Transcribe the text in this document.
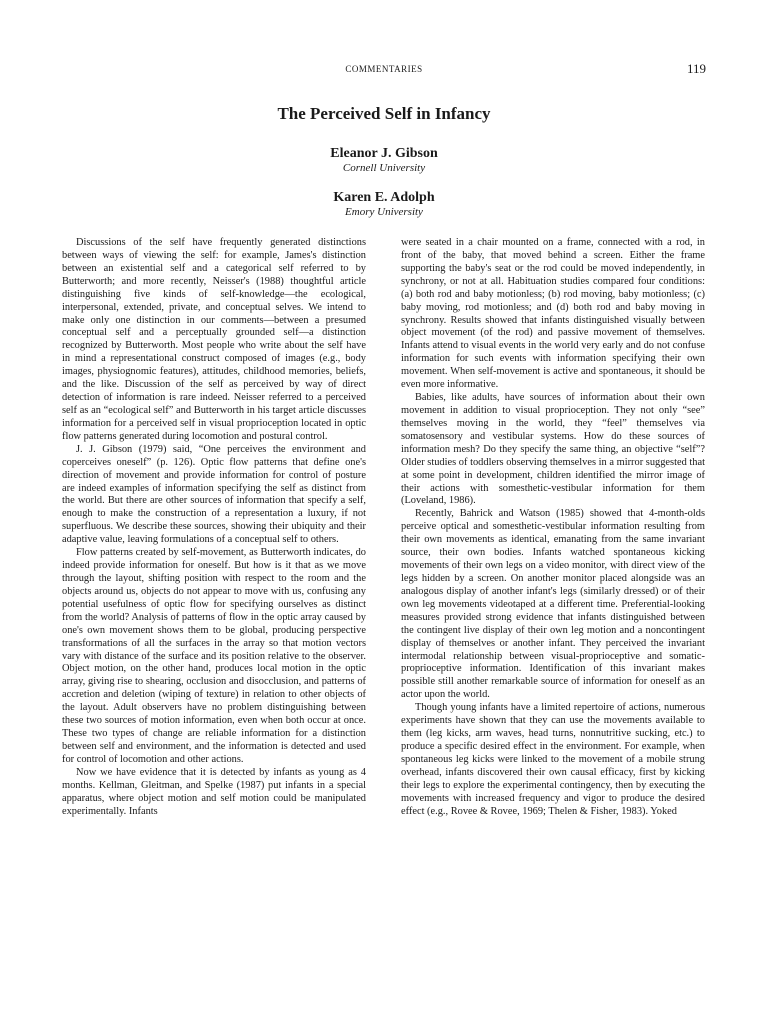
COMMENTARIES	119
The Perceived Self in Infancy
Eleanor J. Gibson
Cornell University
Karen E. Adolph
Emory University

Discussions of the self have frequently generated distinctions between ways of viewing the self: for example, James's distinction between an existential self and a categorical self referred to by Butterworth; and more recently, Neisser's (1988) thoughtful article distinguishing five kinds of self-knowledge—the ecological, interpersonal, extended, private, and conceptual selves. We intend to make only one distinction in our comments—between a presumed conceptual self and a perceptually grounded self—a distinction recognized by Butterworth. Most people who write about the self have in mind a representational construct composed of images (e.g., body images, physiognomic features), attitudes, childhood memories, beliefs, and the like. Discussion of the self as perceived by way of direct detection of information is rare indeed. Neisser referred to a perceived self as an “ecological self” and Butterworth in his target article discusses information for a perceived self in visual proprioception located in optic flow patterns generated during locomotion and postural control.

J. J. Gibson (1979) said, “One perceives the environment and coperceives oneself” (p. 126). Optic flow patterns that define one's direction of movement and provide information for control of posture are indeed examples of information specifying the self as distinct from the world. But there are other sources of information that specify a self, enough to make the construction of a representation a luxury, if not superfluous. We describe these sources, showing their ubiquity and their adaptive value, leaving formulations of a conceptual self to others.

Flow patterns created by self-movement, as Butterworth indicates, do indeed provide information for oneself. But how is it that as we move through the layout, shifting position with respect to the room and the objects around us, objects do not appear to move with us, confusing any potential usefulness of optic flow for specifying ourselves as distinct from the world? Analysis of patterns of flow in the optic array caused by one's own movement shows them to be global, producing perspective transformations of all the surfaces in the array so that motion vectors vary with distance of the surface and its position relative to the observer. Object motion, on the other hand, produces local motion in the optic array, giving rise to shearing, occlusion and disocclusion, and patterns of accretion and deletion (wiping of texture) in relation to other objects of the layout. Adult observers have no problem distinguishing between these two sources of motion information, even when both occur at once. These two types of change are reliable information for a distinction between self and environment, and the information is detected and used for control of locomotion and other actions.

Now we have evidence that it is detected by infants as young as 4 months. Kellman, Gleitman, and Spelke (1987) put infants in a special apparatus, where object motion and self motion could be manipulated experimentally. Infants

were seated in a chair mounted on a frame, connected with a rod, in front of the baby, that moved behind a screen. Either the frame supporting the baby's seat or the rod could be moved independently, in synchrony, or not at all. Habituation studies compared four conditions: (a) both rod and baby motionless; (b) rod moving, baby motionless; (c) baby moving, rod motionless; and (d) both rod and baby moving in synchrony. Results showed that infants distinguished visually between object movement (of the rod) and passive movement of themselves. Infants attend to visual events in the world very early and do not confuse information for such events with information specifying their own movement. When self-movement is active and spontaneous, it should be even more informative.

Babies, like adults, have sources of information about their own movement in addition to visual proprioception. They not only “see” themselves moving in the world, they “feel” themselves via somatosensory and vestibular systems. How do these sources of information mesh? Do they specify the same thing, an objective “self”? Older studies of toddlers observing themselves in a mirror suggested that at some point in development, children identified the mirror image of their actions with somesthetic-vestibular information for them (Loveland, 1986).

Recently, Bahrick and Watson (1985) showed that 4-month-olds perceive optical and somesthetic-vestibular information resulting from their own movements as identical, emanating from the same invariant source, their own bodies. Infants watched spontaneous kicking movements of their own legs on a video monitor, with direct view of the legs hidden by a screen. On another monitor placed alongside was an analogous display of another infant's legs (similarly dressed) or of their own leg movements videotaped at a different time. Preferential-looking measures provided strong evidence that infants distinguished between the contingent live display of their own leg motion and a noncontingent display of themselves or another infant. They perceived the invariant intermodal relationship between visual-proprioceptive and somatic-proprioceptive information. Identification of this invariant makes possible still another remarkable source of information for oneself as an actor upon the world.

Though young infants have a limited repertoire of actions, numerous experiments have shown that they can use the movements available to them (leg kicks, arm waves, head turns, nonnutritive sucking, etc.) to produce a specific desired effect in the environment. For example, when spontaneous leg kicks were linked to the movement of a mobile strung overhead, infants discovered their own causal efficacy, first by kicking their legs to explore the experimental contingency, then by executing the movements with increased frequency and vigor to produce the desired effect (e.g., Rovee & Rovee, 1969; Thelen & Fisher, 1983). Yoked
